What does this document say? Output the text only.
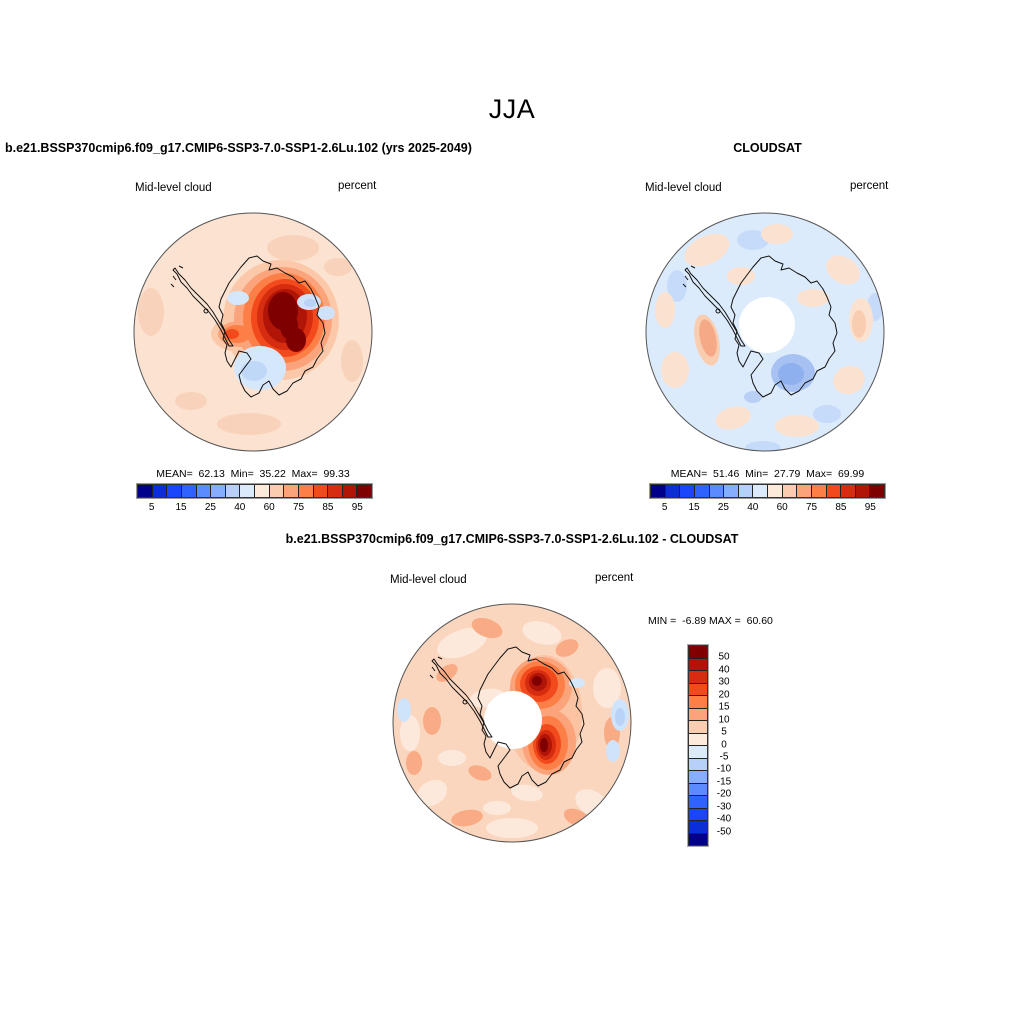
JJA
b.e21.BSSP370cmip6.f09_g17.CMIP6-SSP3-7.0-SSP1-2.6Lu.102 (yrs 2025-2049)	CLOUDSAT
Mid-level cloud	percent	Mid-level cloud	percent
MEAN=  62.13  Min=  35.22  Max=  99.33
5 15 25 40 60 75 85 95
MEAN=  51.46  Min=  27.79  Max=  69.99
5 15 25 40 60 75 85 95
b.e21.BSSP370cmip6.f09_g17.CMIP6-SSP3-7.0-SSP1-2.6Lu.102 - CLOUDSAT
Mid-level cloud	percent
MIN =  -6.89 MAX =  60.60
50
40
30
20
15
10
5
0
-5
-10
-15
-20
-30
-40
-50
